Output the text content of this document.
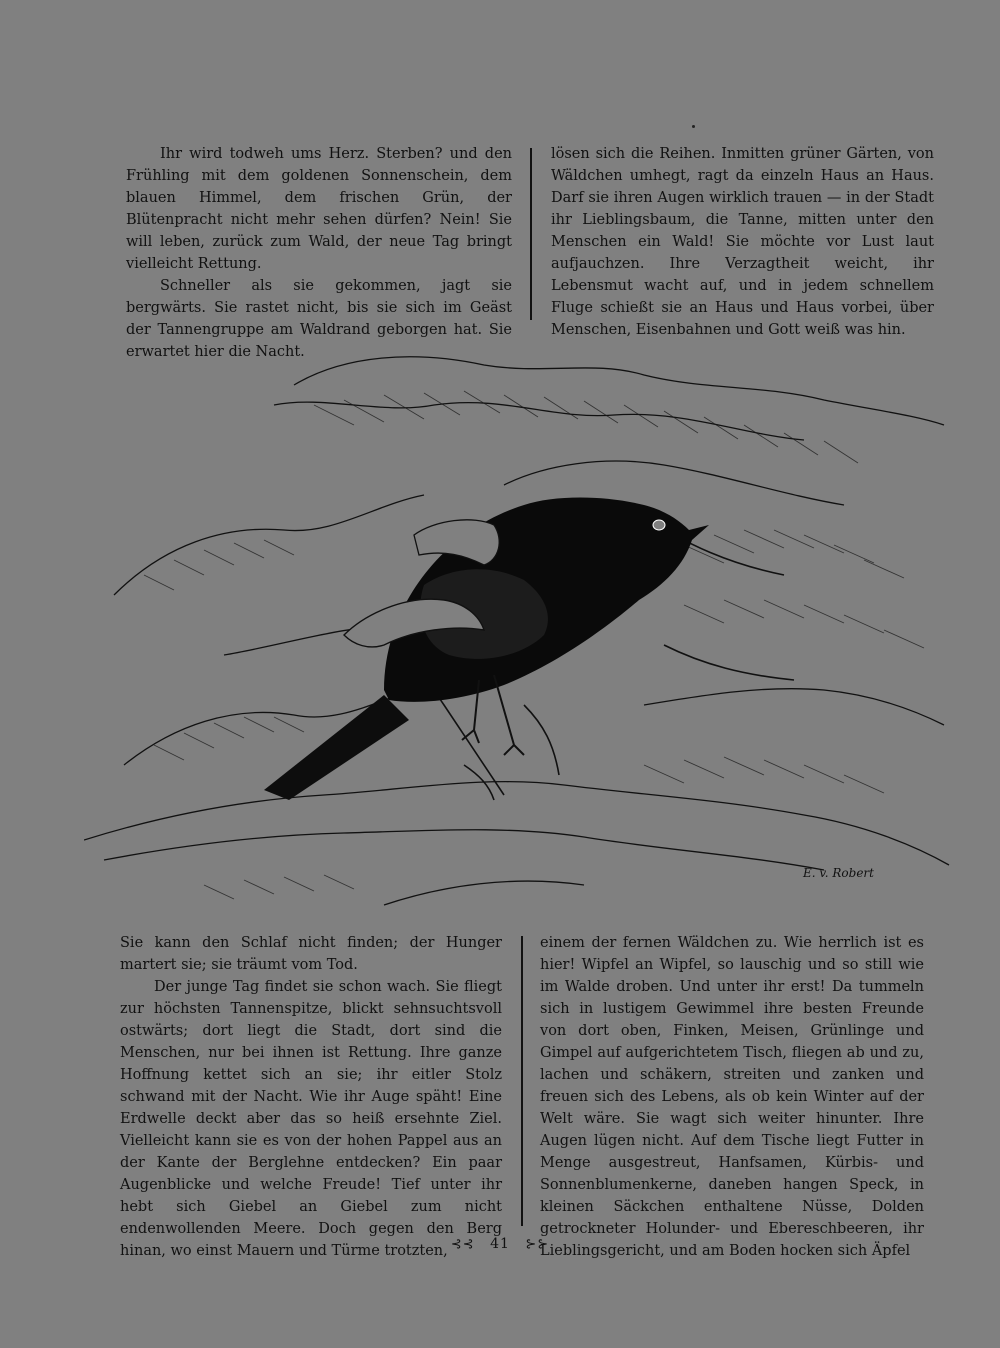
Ihr wird todweh ums Herz. Sterben? und den Frühling mit dem goldenen Sonnenschein, dem blauen Himmel, dem frischen Grün, der Blütenpracht nicht mehr sehen dürfen? Nein! Sie will leben, zurück zum Wald, der neue Tag bringt vielleicht Rettung.

Schneller als sie gekommen, jagt sie bergwärts. Sie rastet nicht, bis sie sich im Geäst der Tannengruppe am Waldrand geborgen hat. Sie erwartet hier die Nacht.

lösen sich die Reihen. Inmitten grüner Gärten, von Wäldchen umhegt, ragt da einzeln Haus an Haus. Darf sie ihren Augen wirklich trauen — in der Stadt ihr Lieblingsbaum, die Tanne, mitten unter den Menschen ein Wald! Sie möchte vor Lust laut aufjauchzen. Ihre Verzagtheit weicht, ihr Lebensmut wacht auf, und in jedem schnellem Fluge schießt sie an Haus und Haus vorbei, über Menschen, Eisenbahnen und Gott weiß was hin.

E. v. Robert

Sie kann den Schlaf nicht finden; der Hunger martert sie; sie träumt vom Tod.

Der junge Tag findet sie schon wach. Sie fliegt zur höchsten Tannenspitze, blickt sehnsuchtsvoll ostwärts; dort liegt die Stadt, dort sind die Menschen, nur bei ihnen ist Rettung. Ihre ganze Hoffnung kettet sich an sie; ihr eitler Stolz schwand mit der Nacht. Wie ihr Auge späht! Eine Erdwelle deckt aber das so heiß ersehnte Ziel. Vielleicht kann sie es von der hohen Pappel aus an der Kante der Berglehne entdecken? Ein paar Augenblicke und welche Freude! Tief unter ihr hebt sich Giebel an Giebel zum nicht endenwollenden Meere. Doch gegen den Berg hinan, wo einst Mauern und Türme trotzten,

einem der fernen Wäldchen zu. Wie herrlich ist es hier! Wipfel an Wipfel, so lauschig und so still wie im Walde droben. Und unter ihr erst! Da tummeln sich in lustigem Gewimmel ihre besten Freunde von dort oben, Finken, Meisen, Grünlinge und Gimpel auf aufgerichtetem Tisch, fliegen ab und zu, lachen und schäkern, streiten und zanken und freuen sich des Lebens, als ob kein Winter auf der Welt wäre. Sie wagt sich weiter hinunter. Ihre Augen lügen nicht. Auf dem Tische liegt Futter in Menge ausgestreut, Hanfsamen, Kürbis- und Sonnenblumenkerne, daneben hangen Speck, in kleinen Säckchen enthaltene Nüsse, Dolden getrockneter Holunder- und Ebereschbeeren, ihr Lieblingsgericht, und am Boden hocken sich Äpfel

⊰⊰ 41 ⊱⊱
